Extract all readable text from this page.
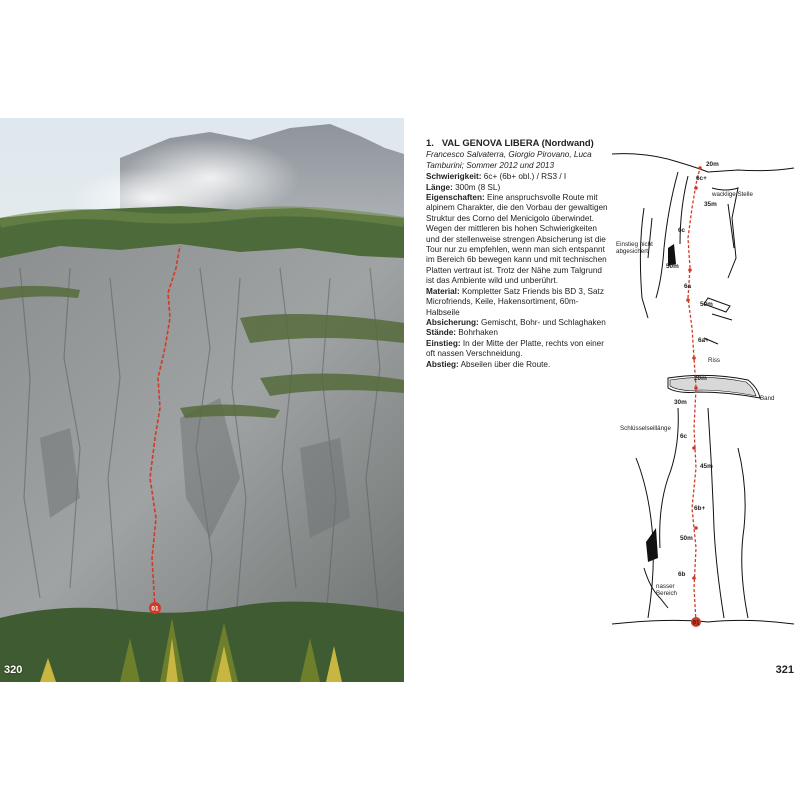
01
320
1. VAL GENOVA LIBERA (Nordwand)
Francesco Salvaterra, Giorgio Pirovano, Luca Tamburini; Sommer 2012 und 2013

Schwierigkeit: 6c+ (6b+ obl.) / RS3 / I

Länge: 300m (8 SL)

Eigenschaften: Eine anspruchsvolle Route mit alpinem Charakter, die den Vorbau der gewaltigen Struktur des Corno del Menicigolo überwindet. Wegen der mittleren bis hohen Schwierigkeiten und der stellenweise strengen Absicherung ist die Tour nur zu empfehlen, wenn man sich entspannt im Bereich 6b bewegen kann und mit technischen Platten vertraut ist. Trotz der Nähe zum Talgrund ist das Ambiente wild und unberührt.

Material: Kompletter Satz Friends bis BD 3, Satz Microfriends, Keile, Hakensortiment, 60m-Halbseile

Absicherung: Gemischt, Bohr- und Schlaghaken

Stände: Bohrhaken

Einstieg: In der Mitte der Platte, rechts von einer oft nassen Verschneidung.

Abstieg: Abseilen über die Route.

20m
6c+
35m
6c
50m
6a
50m
6a+
20m
30m
6c
45m
6b+
50m
6b
01
wacklige Stelle
Einstieg nicht abgesichert
Riss
Band
Schlüsselseillänge
nasser Bereich
321
